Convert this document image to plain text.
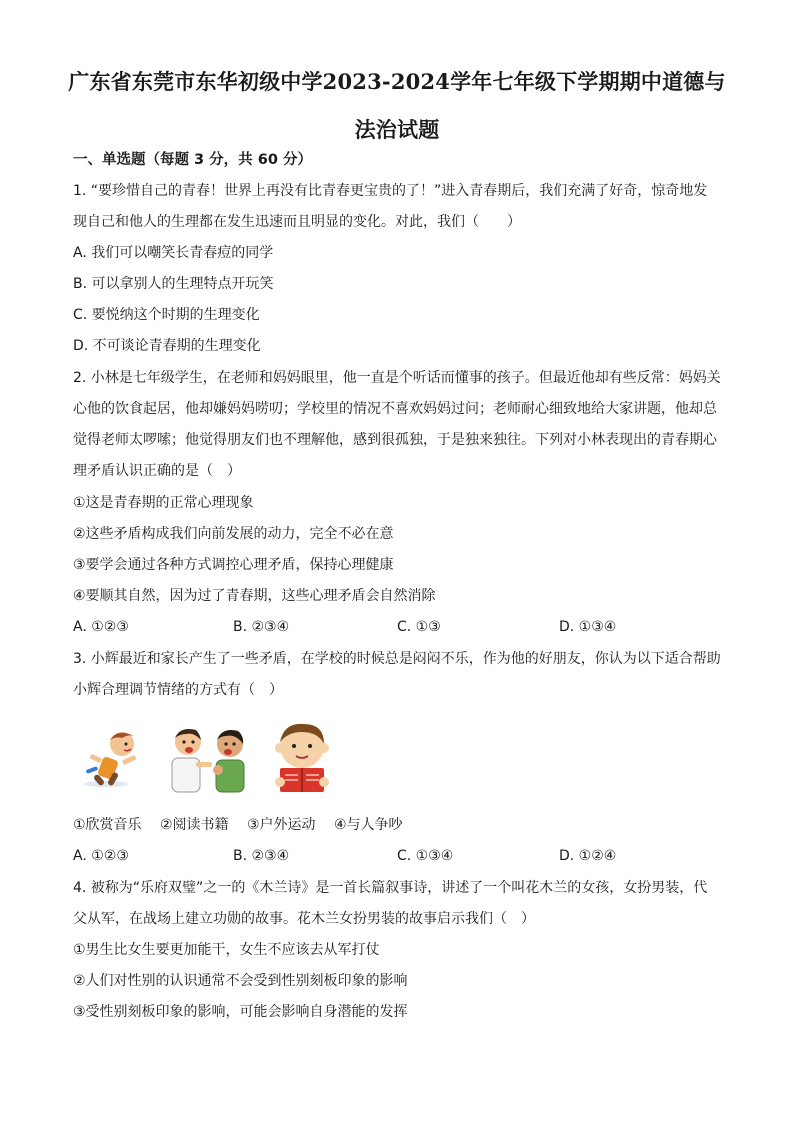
广东省东莞市东华初级中学2023-2024学年七年级下学期期中道德与
法治试题
一、单选题（每题 3 分，共 60 分）
1. “要珍惜自己的青春！世界上再没有比青春更宝贵的了！”进入青春期后，我们充满了好奇，惊奇地发
现自己和他人的生理都在发生迅速而且明显的变化。对此，我们（　　）
A. 我们可以嘲笑长青春痘的同学
B. 可以拿别人的生理特点开玩笑
C. 要悦纳这个时期的生理变化
D. 不可谈论青春期的生理变化
2. 小林是七年级学生，在老师和妈妈眼里，他一直是个听话而懂事的孩子。但最近他却有些反常：妈妈关
心他的饮食起居，他却嫌妈妈唠叨；学校里的情况不喜欢妈妈过问；老师耐心细致地给大家讲题，他却总
觉得老师太啰嗦；他觉得朋友们也不理解他，感到很孤独，于是独来独往。下列对小林表现出的青春期心
理矛盾认识正确的是（　）
①这是青春期的正常心理现象
②这些矛盾构成我们向前发展的动力，完全不必在意
③要学会通过各种方式调控心理矛盾，保持心理健康
④要顺其自然，因为过了青春期，这些心理矛盾会自然消除
A. ①②③	B. ②③④	C. ①③	D. ①③④
3. 小辉最近和家长产生了一些矛盾，在学校的时候总是闷闷不乐，作为他的好朋友，你认为以下适合帮助
小辉合理调节情绪的方式有（　）
①欣赏音乐　 ②阅读书籍　 ③户外运动　 ④与人争吵
A. ①②③	B. ②③④	C. ①③④	D. ①②④
4. 被称为“乐府双璧”之一的《木兰诗》是一首长篇叙事诗，讲述了一个叫花木兰的女孩，女扮男装，代
父从军，在战场上建立功勋的故事。花木兰女扮男装的故事启示我们（　）
①男生比女生要更加能干，女生不应该去从军打仗
②人们对性别的认识通常不会受到性别刻板印象的影响
③受性别刻板印象的影响，可能会影响自身潜能的发挥
